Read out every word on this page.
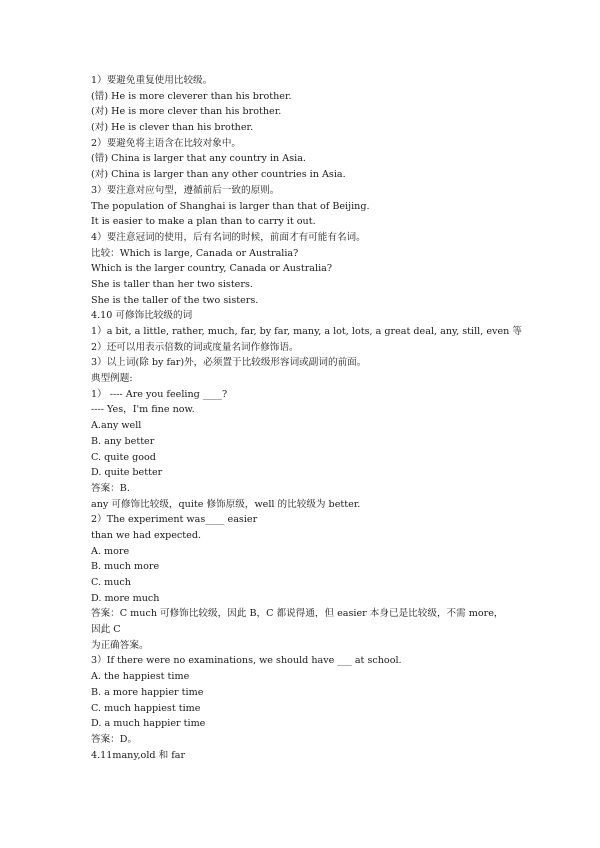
1）要避免重复使用比较级。
(错) He is more cleverer than his brother.
(对) He is more clever than his brother.
(对) He is clever than his brother.
2）要避免将主语含在比较对象中。
(错) China is larger that any country in Asia.
(对) China is larger than any other countries in Asia.
3）要注意对应句型，遵循前后一致的原则。
The population of Shanghai is larger than that of Beijing.
It is easier to make a plan than to carry it out.
4）要注意冠词的使用，后有名词的时候，前面才有可能有名词。
比较：Which is large, Canada or Australia?
Which is the larger country, Canada or Australia?
She is taller than her two sisters.
She is the taller of the two sisters.
4.10 可修饰比较级的词
1）a bit, a little, rather, much, far, by far, many, a lot, lots, a great deal, any, still, even 等
2）还可以用表示倍数的词或度量名词作修饰语。
3）以上词(除 by far)外，必须置于比较级形容词或副词的前面。
典型例题:
1） ---- Are you feeling ____?
---- Yes，I'm fine now.
A.any well
B. any better
C. quite good
D. quite better
答案：B.
any 可修饰比较级，quite 修饰原级，well 的比较级为 better.
2）The experiment was____ easier
than we had expected.
A. more
B. much more
C. much
D. more much
答案：C much 可修饰比较级，因此 B，C 都说得通，但 easier 本身已是比较级，不需 more，
因此 C
为正确答案。
3）If there were no examinations, we should have ___ at school.
A. the happiest time
B. a more happier time
C. much happiest time
D. a much happier time
答案：D。
4.11many,old 和 far
